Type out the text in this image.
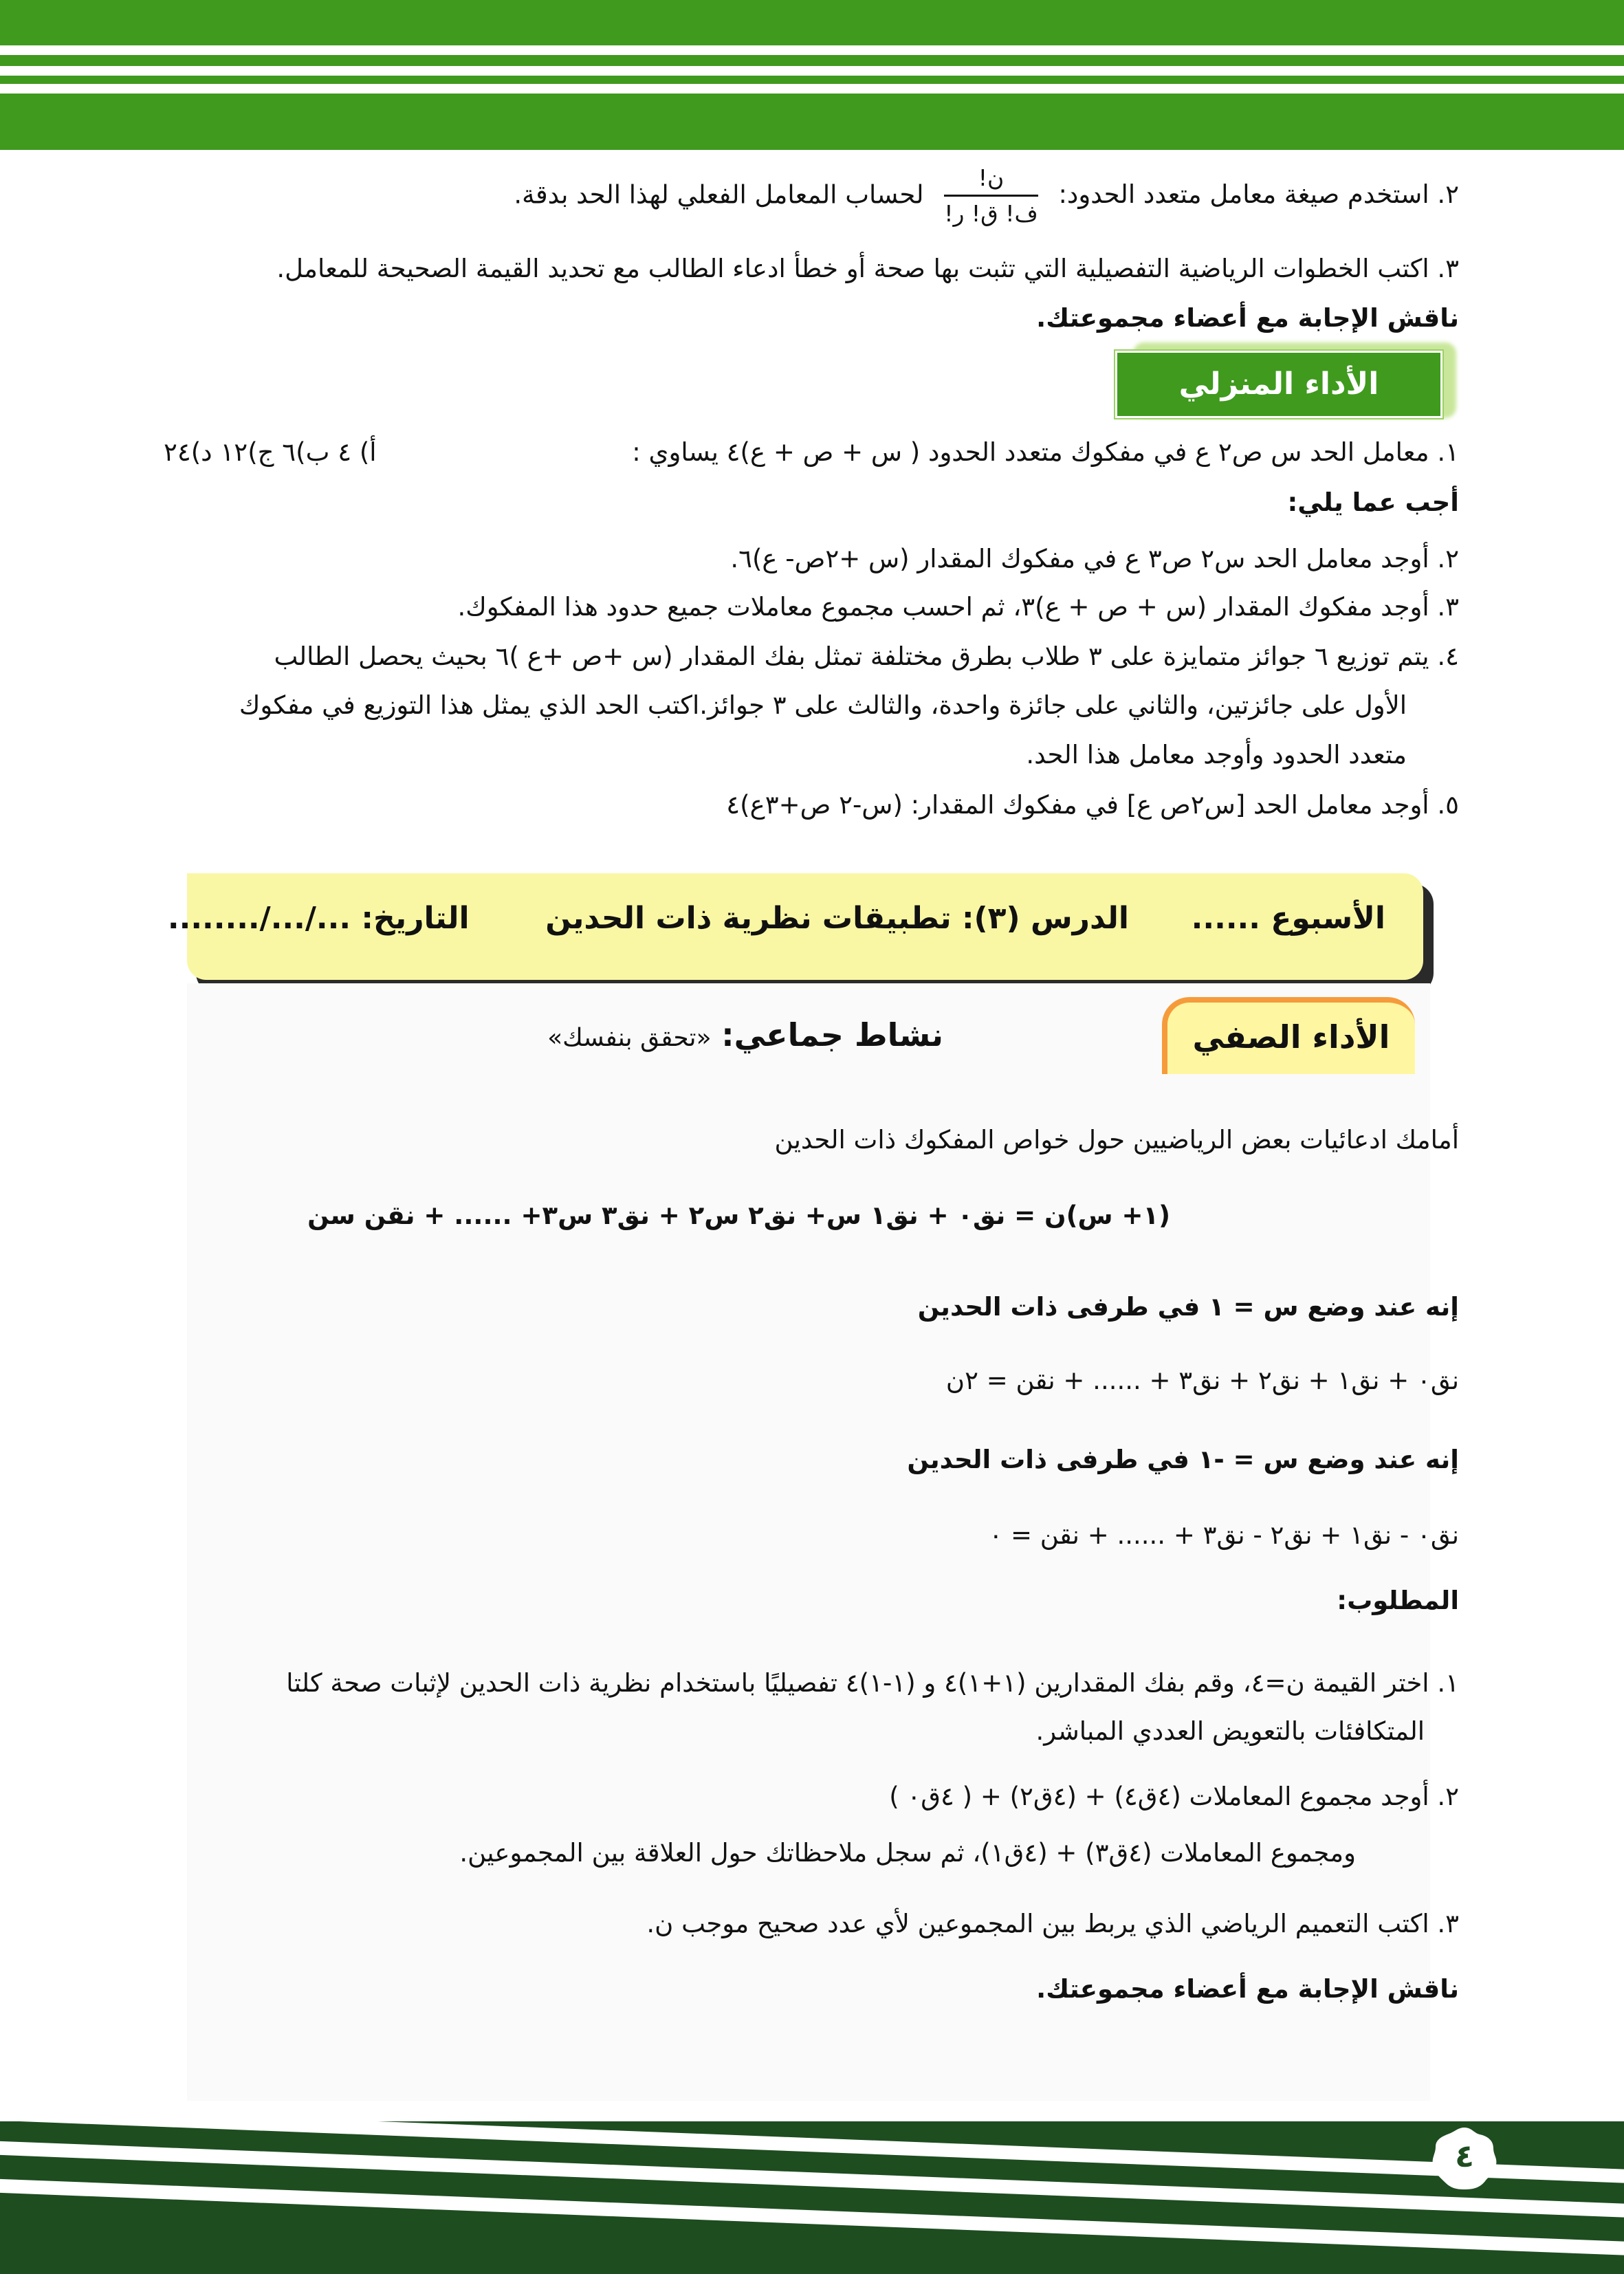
٢. استخدم صيغة معامل متعدد الحدود:
$\frac{\text{ن!}}{\text{ف! ق! ر!}}$
لحساب المعامل الفعلي لهذا الحد بدقة.
٣. اكتب الخطوات الرياضية التفصيلية التي تثبت بها صحة أو خطأ ادعاء الطالب مع تحديد القيمة الصحيحة للمعامل.
ناقش الإجابة مع أعضاء مجموعتك.
الأداء المنزلي
١. معامل الحد س ص٢ ع في مفكوك متعدد الحدود ( س + ص + ع)٤ يساوي :
أ) ٤ ب)٦ ج)١٢ د)٢٤
أجب عما يلي:
٢. أوجد معامل الحد س٢ ص٣ ع في مفكوك المقدار (س +٢ص- ع)٦.
٣. أوجد مفكوك المقدار (س + ص + ع)٣، ثم احسب مجموع معاملات جميع حدود هذا المفكوك.
٤. يتم توزيع ٦ جوائز متمايزة على ٣ طلاب بطرق مختلفة تمثل بفك المقدار (س +ص +ع )٦ بحيث يحصل الطالب
الأول على جائزتين، والثاني على جائزة واحدة، والثالث على ٣ جوائز.اكتب الحد الذي يمثل هذا التوزيع في مفكوك
متعدد الحدود وأوجد معامل هذا الحد.
٥. أوجد معامل الحد [س٢ص ع] في مفكوك المقدار: (س-٢ ص+٣ع)٤
الأسبوع ......  الدرس (٣): تطبيقات نظرية ذات الحدين  التاريخ: .../.../........
الأداء الصفي
نشاط جماعي: «تحقق بنفسك»
أمامك ادعائيات بعض الرياضيين حول خواص المفكوك ذات الحدين
(١+ س)ن = نق٠ + نق١ س+ نق٢ س٢ + نق٣ س٣+ ...... + نقن سن
إنه عند وضع س = ١ في طرفى ذات الحدين
نق٠ + نق١ + نق٢ + نق٣ + ...... + نقن = ٢ن
إنه عند وضع س = -١ في طرفى ذات الحدين
نق٠ - نق١ + نق٢ - نق٣ + ...... + نقن = ٠
المطلوب:
١. اختر القيمة ن=٤، وقم بفك المقدارين (١+١)٤ و (١-١)٤ تفصيليًا باستخدام نظرية ذات الحدين لإثبات صحة كلتا
المتكافئات بالتعويض العددي المباشر.
٢. أوجد مجموع المعاملات (٤ق٤) + (٤ق٢) + ( ٤ق٠ )
ومجموع المعاملات (٤ق٣) + (٤ق١)، ثم سجل ملاحظاتك حول العلاقة بين المجموعين.
٣. اكتب التعميم الرياضي الذي يربط بين المجموعين لأي عدد صحيح موجب ن.
ناقش الإجابة مع أعضاء مجموعتك.
٤
